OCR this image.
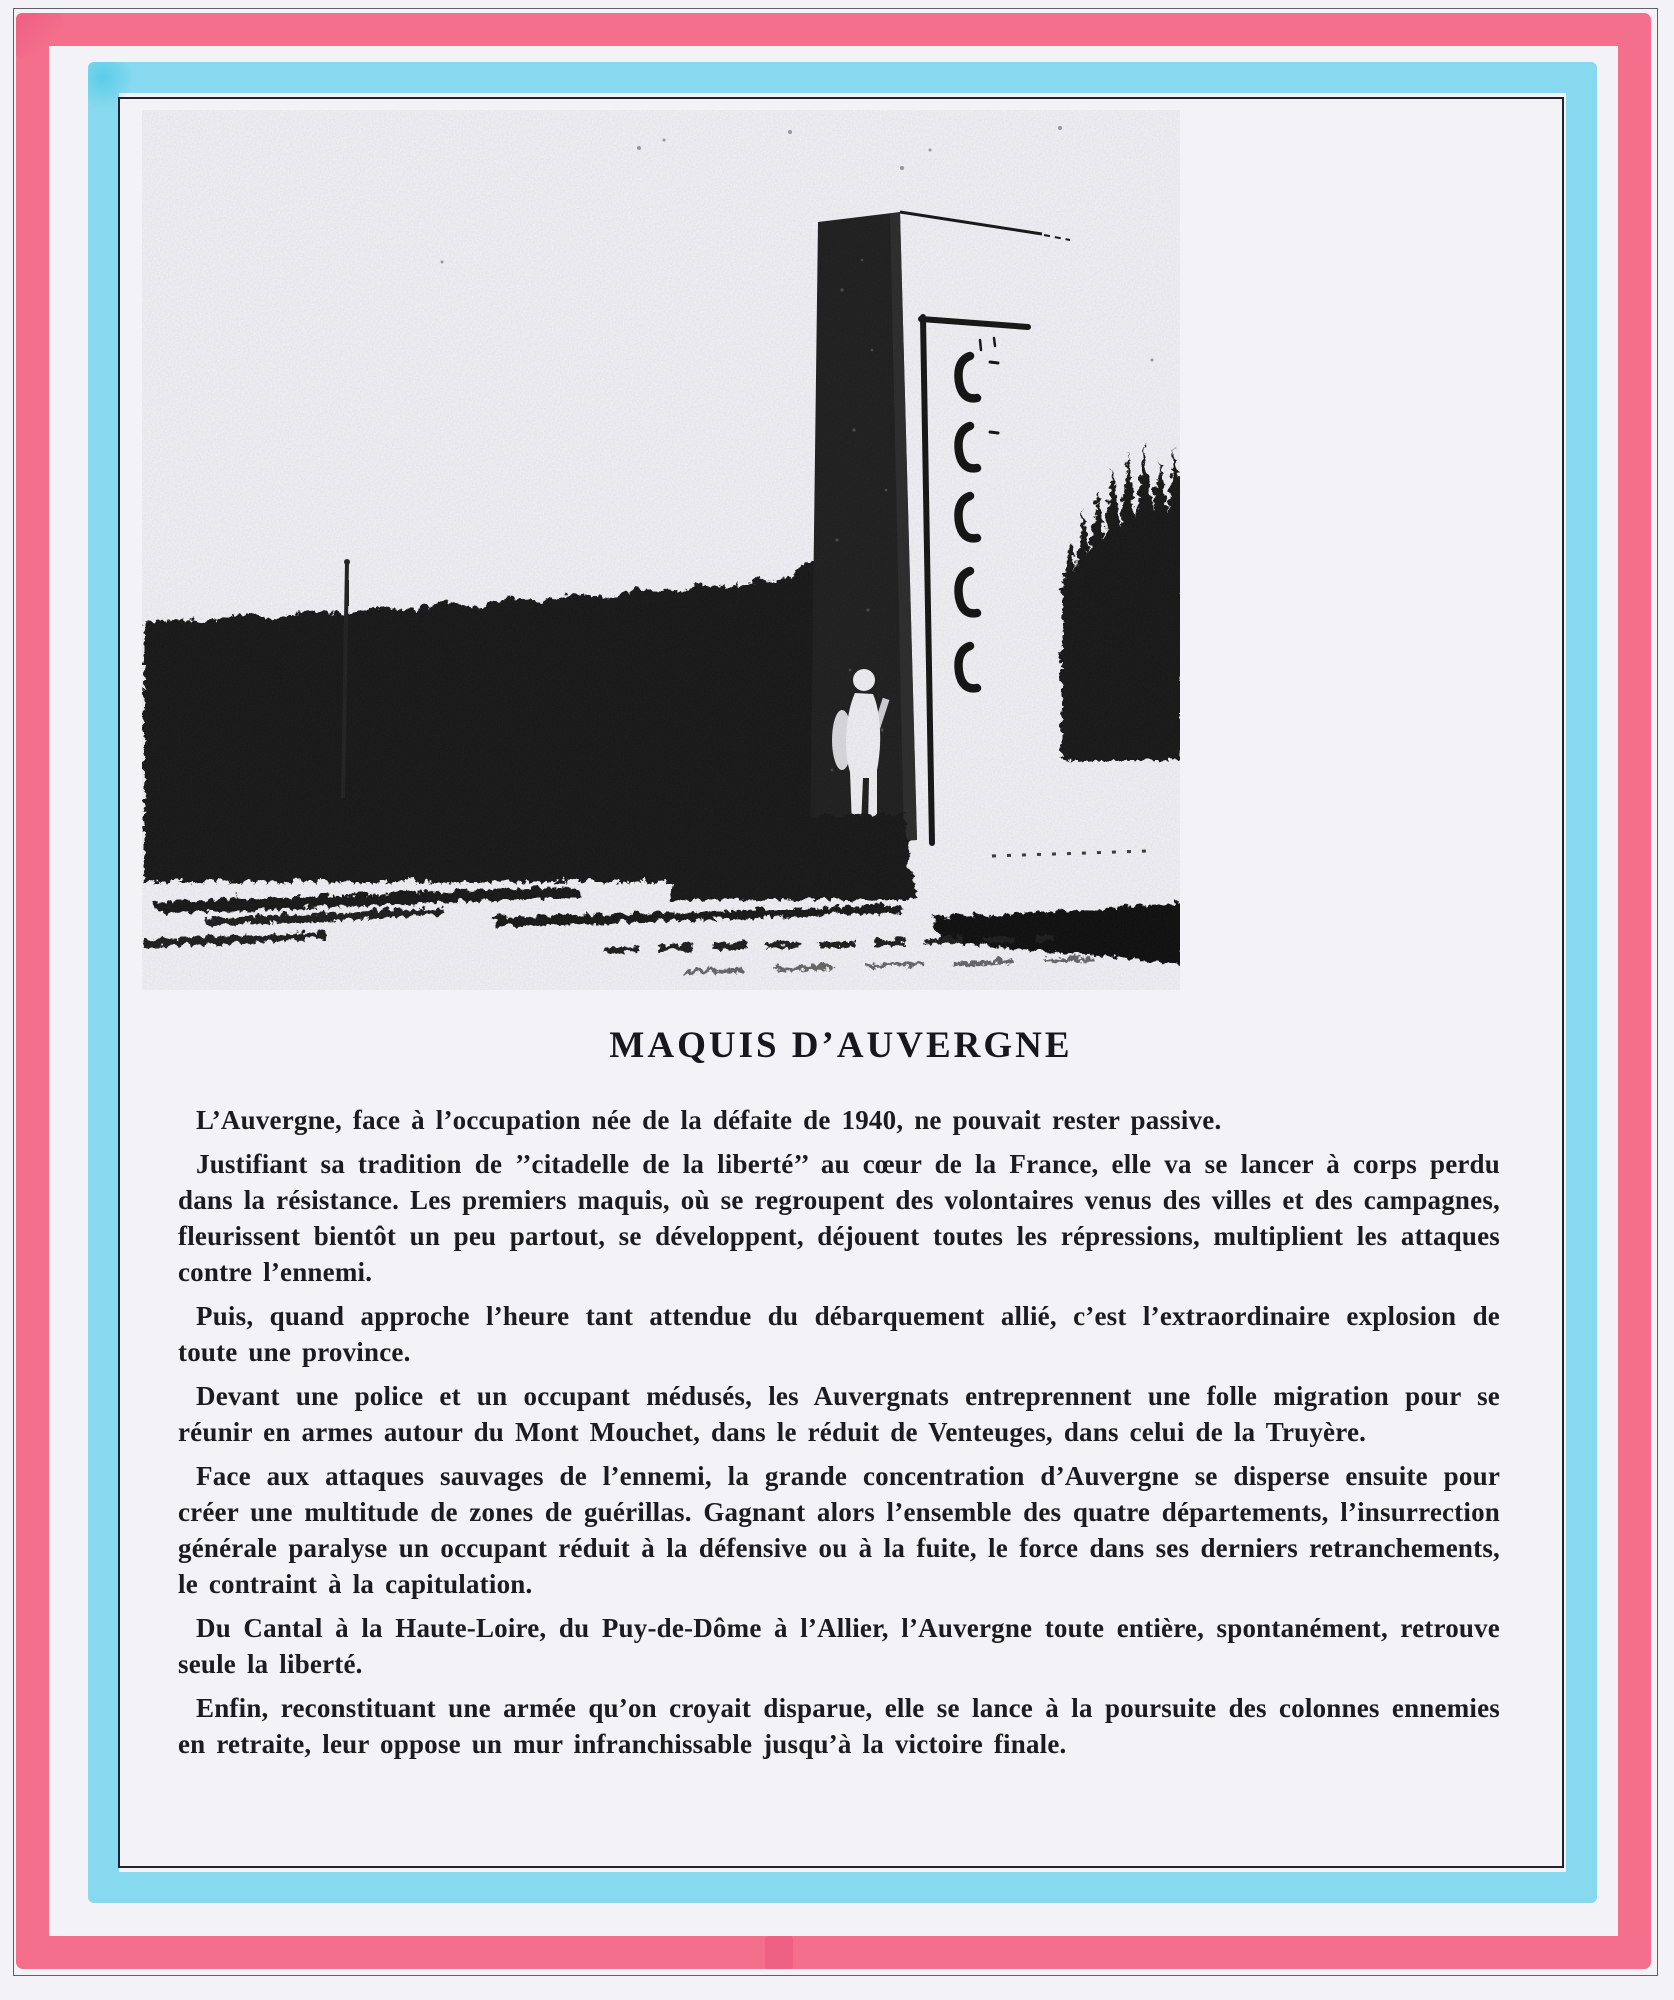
MAQUIS D’AUVERGNE

L’Auvergne, face à l’occupation née de la défaite de 1940, ne pouvait rester passive.

Justifiant sa tradition de ’’citadelle de la liberté’’ au cœur de la France, elle va se lancer à corps perdu dans la résistance. Les premiers maquis, où se regroupent des volontaires venus des villes et des campagnes, fleurissent bientôt un peu partout, se développent, déjouent toutes les répressions, multiplient les attaques contre l’ennemi.

Puis, quand approche l’heure tant attendue du débarquement allié, c’est l’extraordinaire explosion de toute une province.

Devant une police et un occupant médusés, les Auvergnats entreprennent une folle migration pour se réunir en armes autour du Mont Mouchet, dans le réduit de Venteuges, dans celui de la Truyère.

Face aux attaques sauvages de l’ennemi, la grande concentration d’Auvergne se disperse ensuite pour créer une multitude de zones de guérillas. Gagnant alors l’ensemble des quatre départements, l’insurrection générale paralyse un occupant réduit à la défensive ou à la fuite, le force dans ses derniers retranchements, le contraint à la capitulation.

Du Cantal à la Haute-Loire, du Puy-de-Dôme à l’Allier, l’Auvergne toute entière, spontanément, retrouve seule la liberté.

Enfin, reconstituant une armée qu’on croyait disparue, elle se lance à la poursuite des colonnes ennemies en retraite, leur oppose un mur infranchissable jusqu’à la victoire finale.
